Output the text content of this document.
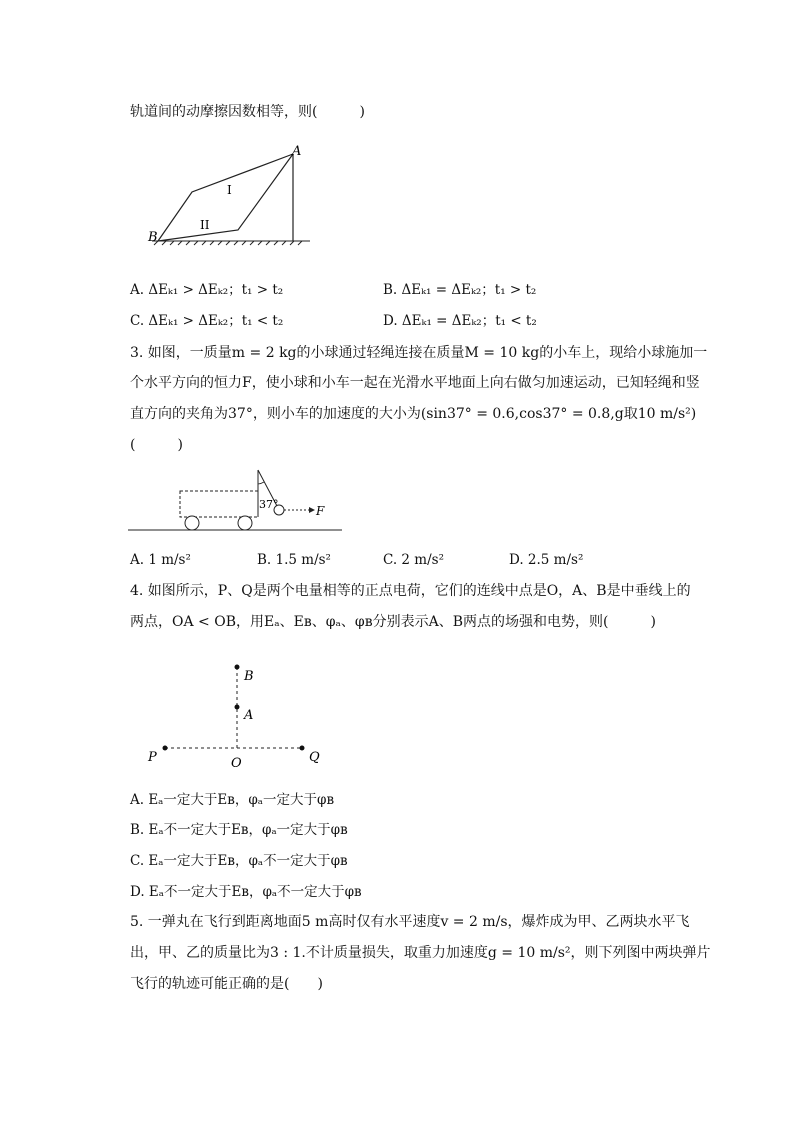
轨道间的动摩擦因数相等，则(　　　)
A
B
I
II
A. ΔEₖ₁ > ΔEₖ₂；t₁ > t₂	B. ΔEₖ₁ = ΔEₖ₂；t₁ > t₂
C. ΔEₖ₁ > ΔEₖ₂；t₁ < t₂	D. ΔEₖ₁ = ΔEₖ₂；t₁ < t₂
3. 如图，一质量m = 2 kg的小球通过轻绳连接在质量M = 10 kg的小车上，现给小球施加一
个水平方向的恒力F，使小球和小车一起在光滑水平地面上向右做匀加速运动，已知轻绳和竖
直方向的夹角为37°，则小车的加速度的大小为(sin37° = 0.6,cos37° = 0.8,g取10 m/s²)
(　　　)
37°	F
A. 1 m/s²	B. 1.5 m/s²	C. 2 m/s²	D. 2.5 m/s²
4. 如图所示，P、Q是两个电量相等的正点电荷，它们的连线中点是O，A、B是中垂线上的
两点，OA < OB，用Eₐ、Eʙ、φₐ、φʙ分别表示A、B两点的场强和电势，则(　　　)
B
A
P	O	Q
A. Eₐ一定大于Eʙ，φₐ一定大于φʙ
B. Eₐ不一定大于Eʙ，φₐ一定大于φʙ
C. Eₐ一定大于Eʙ，φₐ不一定大于φʙ
D. Eₐ不一定大于Eʙ，φₐ不一定大于φʙ
5. 一弹丸在飞行到距离地面5 m高时仅有水平速度v = 2 m/s，爆炸成为甲、乙两块水平飞
出，甲、乙的质量比为3 : 1.不计质量损失，取重力加速度g = 10 m/s²，则下列图中两块弹片
飞行的轨迹可能正确的是(　　)
